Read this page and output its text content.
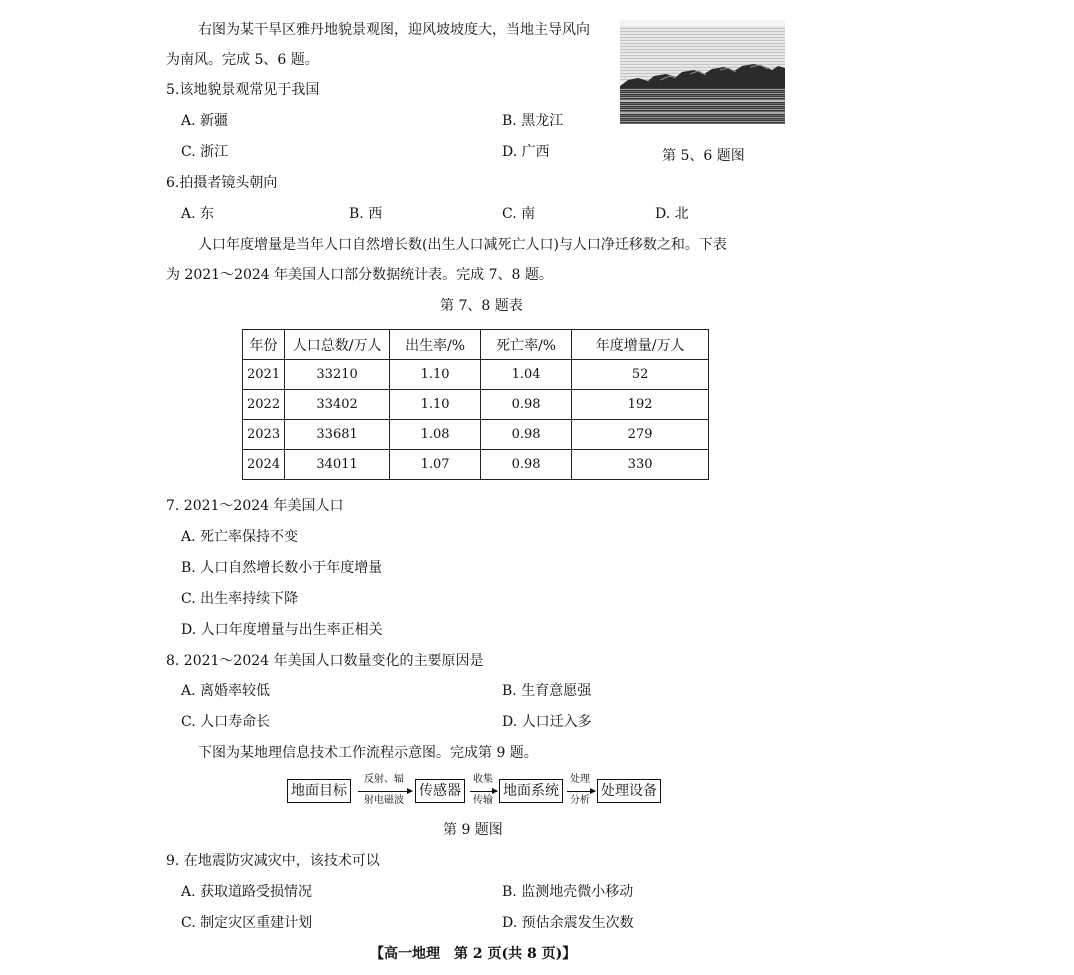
右图为某干旱区雅丹地貌景观图，迎风坡坡度大，当地主导风向
为南风。完成 5、6 题。
第 5、6 题图
5.该地貌景观常见于我国
A. 新疆	B. 黑龙江
C. 浙江	D. 广西
6.拍摄者镜头朝向
A. 东	B. 西	C. 南	D. 北
人口年度增量是当年人口自然增长数(出生人口减死亡人口)与人口净迁移数之和。下表
为 2021～2024 年美国人口部分数据统计表。完成 7、8 题。
第 7、8 题表
年份	人口总数/万人	出生率/%	死亡率/%	年度增量/万人
2021	33210	1.10	1.04	52
2022	33402	1.10	0.98	192
2023	33681	1.08	0.98	279
2024	34011	1.07	0.98	330
7. 2021～2024 年美国人口
A. 死亡率保持不变
B. 人口自然增长数小于年度增量
C. 出生率持续下降
D. 人口年度增量与出生率正相关
8. 2021～2024 年美国人口数量变化的主要原因是
A. 离婚率较低	B. 生育意愿强
C. 人口寿命长	D. 人口迁入多
下图为某地理信息技术工作流程示意图。完成第 9 题。
地面目标
反射、辐
射电磁波
传感器
收集
传输
地面系统
处理
分析
处理设备
第 9 题图
9. 在地震防灾减灾中，该技术可以
A. 获取道路受损情况	B. 监测地壳微小移动
C. 制定灾区重建计划	D. 预估余震发生次数
【高一地理　第 2 页(共 8 页)】
